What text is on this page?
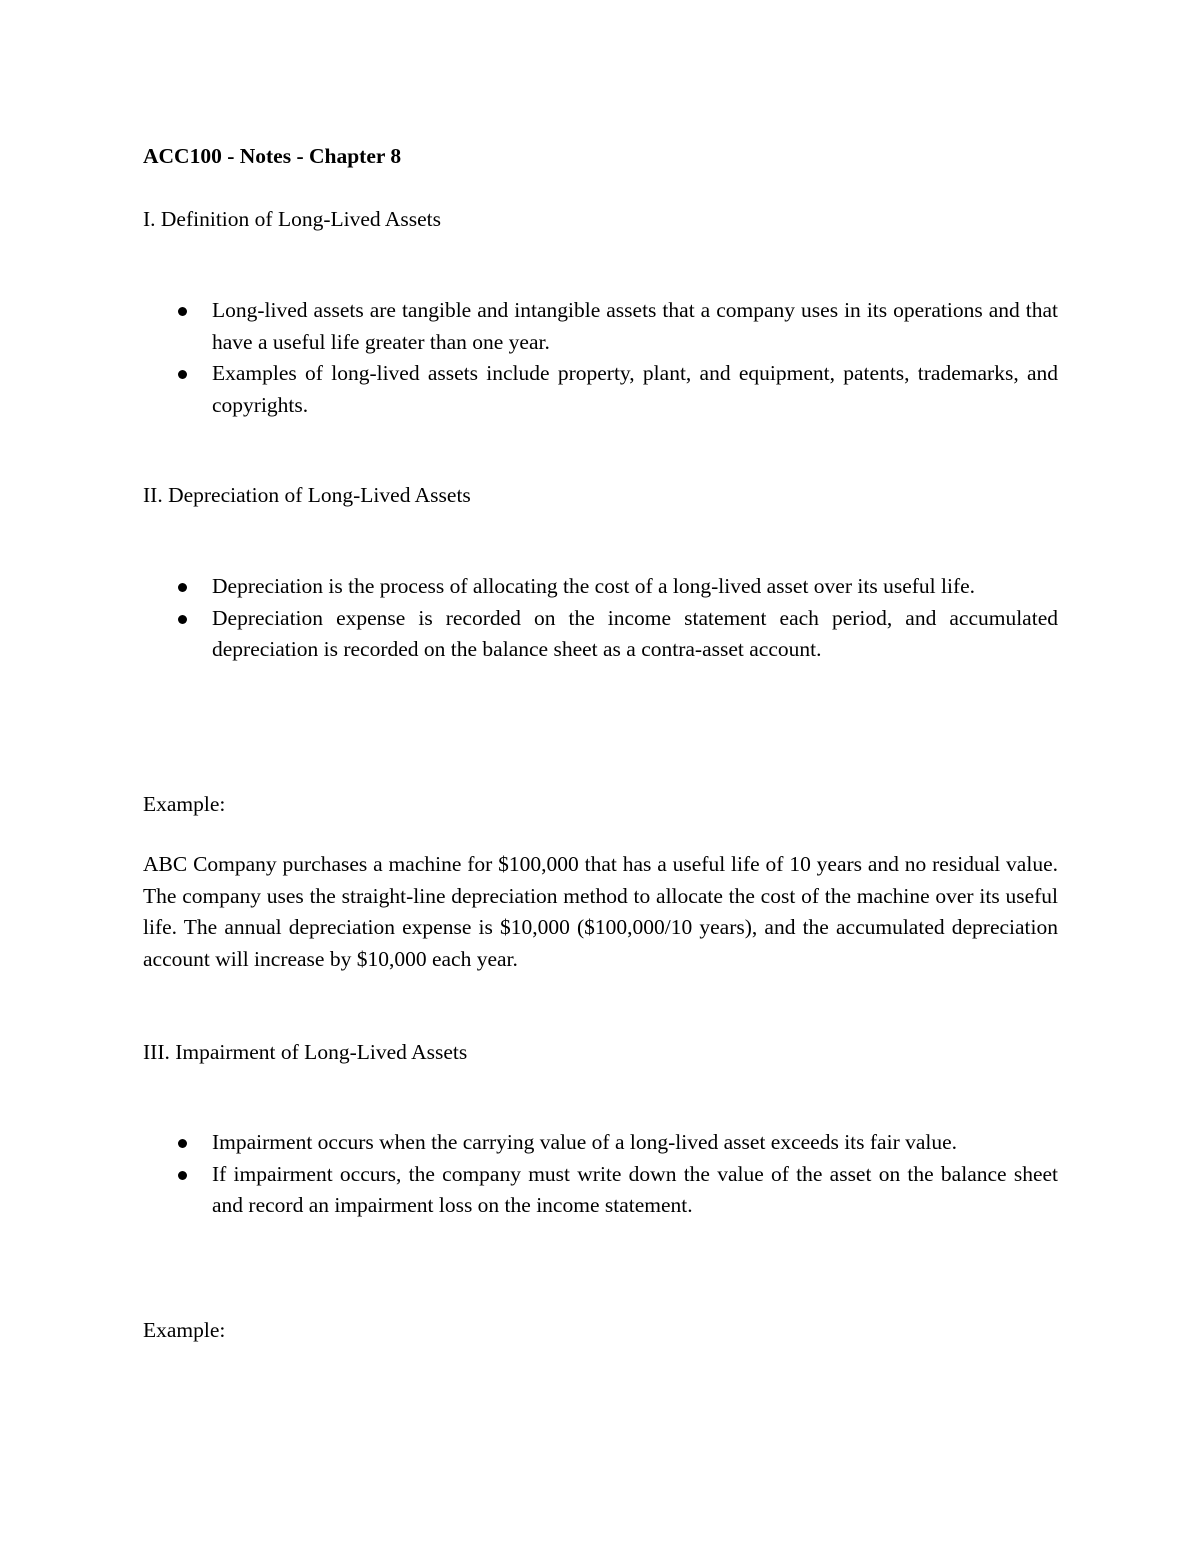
ACC100 - Notes - Chapter 8
I. Definition of Long-Lived Assets
Long-lived assets are tangible and intangible assets that a company uses in its operations and that have a useful life greater than one year.
Examples of long-lived assets include property, plant, and equipment, patents, trademarks, and copyrights.
II. Depreciation of Long-Lived Assets
Depreciation is the process of allocating the cost of a long-lived asset over its useful life.
Depreciation expense is recorded on the income statement each period, and accumulated depreciation is recorded on the balance sheet as a contra-asset account.
Example:

ABC Company purchases a machine for $100,000 that has a useful life of 10 years and no residual value. The company uses the straight-line depreciation method to allocate the cost of the machine over its useful life. The annual depreciation expense is $10,000 ($100,000/10 years), and the accumulated depreciation account will increase by $10,000 each year.

III. Impairment of Long-Lived Assets
Impairment occurs when the carrying value of a long-lived asset exceeds its fair value.
If impairment occurs, the company must write down the value of the asset on the balance sheet and record an impairment loss on the income statement.
Example:
